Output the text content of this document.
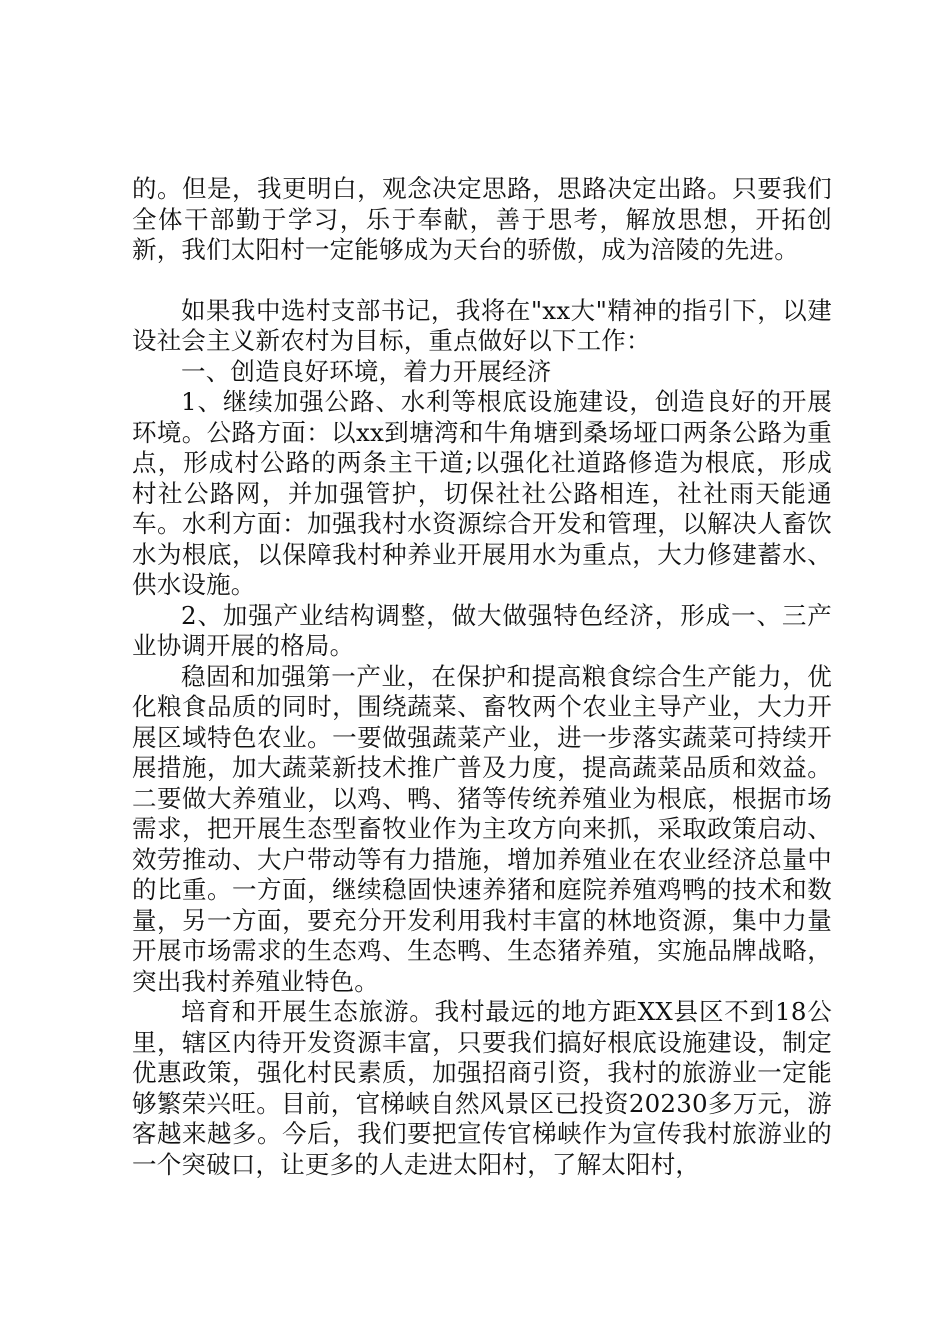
的。但是，我更明白，观念决定思路，思路决定出路。只要我们全体干部勤于学习，乐于奉献，善于思考，解放思想，开拓创新，我们太阳村一定能够成为天台的骄傲，成为涪陵的先进。

如果我中选村支部书记，我将在"xx大"精神的指引下，以建设社会主义新农村为目标，重点做好以下工作：

一、创造良好环境，着力开展经济

1、继续加强公路、水利等根底设施建设，创造良好的开展环境。公路方面：以xx到塘湾和牛角塘到桑场垭口两条公路为重点，形成村公路的两条主干道;以强化社道路修造为根底，形成村社公路网，并加强管护，切保社社公路相连，社社雨天能通车。水利方面：加强我村水资源综合开发和管理，以解决人畜饮水为根底，以保障我村种养业开展用水为重点，大力修建蓄水、供水设施。

2、加强产业结构调整，做大做强特色经济，形成一、三产业协调开展的格局。

稳固和加强第一产业，在保护和提高粮食综合生产能力，优化粮食品质的同时，围绕蔬菜、畜牧两个农业主导产业，大力开展区域特色农业。一要做强蔬菜产业，进一步落实蔬菜可持续开展措施，加大蔬菜新技术推广普及力度，提高蔬菜品质和效益。二要做大养殖业，以鸡、鸭、猪等传统养殖业为根底，根据市场需求，把开展生态型畜牧业作为主攻方向来抓，采取政策启动、效劳推动、大户带动等有力措施，增加养殖业在农业经济总量中的比重。一方面，继续稳固快速养猪和庭院养殖鸡鸭的技术和数量，另一方面，要充分开发利用我村丰富的林地资源，集中力量开展市场需求的生态鸡、生态鸭、生态猪养殖，实施品牌战略，突出我村养殖业特色。

培育和开展生态旅游。我村最远的地方距XX县区不到18公里，辖区内待开发资源丰富，只要我们搞好根底设施建设，制定优惠政策，强化村民素质，加强招商引资，我村的旅游业一定能够繁荣兴旺。目前，官梯峡自然风景区已投资20230多万元，游客越来越多。今后，我们要把宣传官梯峡作为宣传我村旅游业的一个突破口，让更多的人走进太阳村，了解太阳村，
